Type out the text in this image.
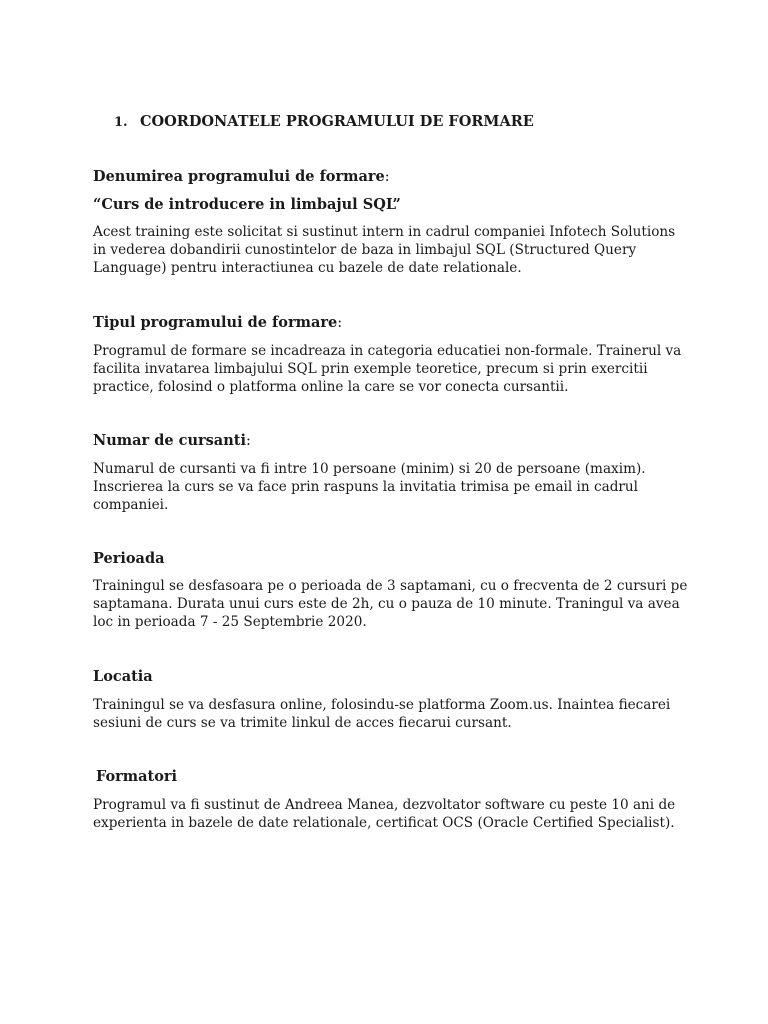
1. COORDONATELE PROGRAMULUI DE FORMARE
Denumirea programului de formare:
“Curs de introducere in limbajul SQL”
Acest training este solicitat si sustinut intern in cadrul companiei Infotech Solutions
in vederea dobandirii cunostintelor de baza in limbajul SQL (Structured Query
Language) pentru interactiunea cu bazele de date relationale.
Tipul programului de formare:
Programul de formare se incadreaza in categoria educatiei non-formale. Trainerul va
facilita invatarea limbajului SQL prin exemple teoretice, precum si prin exercitii
practice, folosind o platforma online la care se vor conecta cursantii.
Numar de cursanti:
Numarul de cursanti va fi intre 10 persoane (minim) si 20 de persoane (maxim).
Inscrierea la curs se va face prin raspuns la invitatia trimisa pe email in cadrul
companiei.
Perioada
Trainingul se desfasoara pe o perioada de 3 saptamani, cu o frecventa de 2 cursuri pe
saptamana. Durata unui curs este de 2h, cu o pauza de 10 minute. Traningul va avea
loc in perioada 7 - 25 Septembrie 2020.
Locatia
Trainingul se va desfasura online, folosindu-se platforma Zoom.us. Inaintea fiecarei
sesiuni de curs se va trimite linkul de acces fiecarui cursant.
Formatori
Programul va fi sustinut de Andreea Manea, dezvoltator software cu peste 10 ani de
experienta in bazele de date relationale, certificat OCS (Oracle Certified Specialist).
